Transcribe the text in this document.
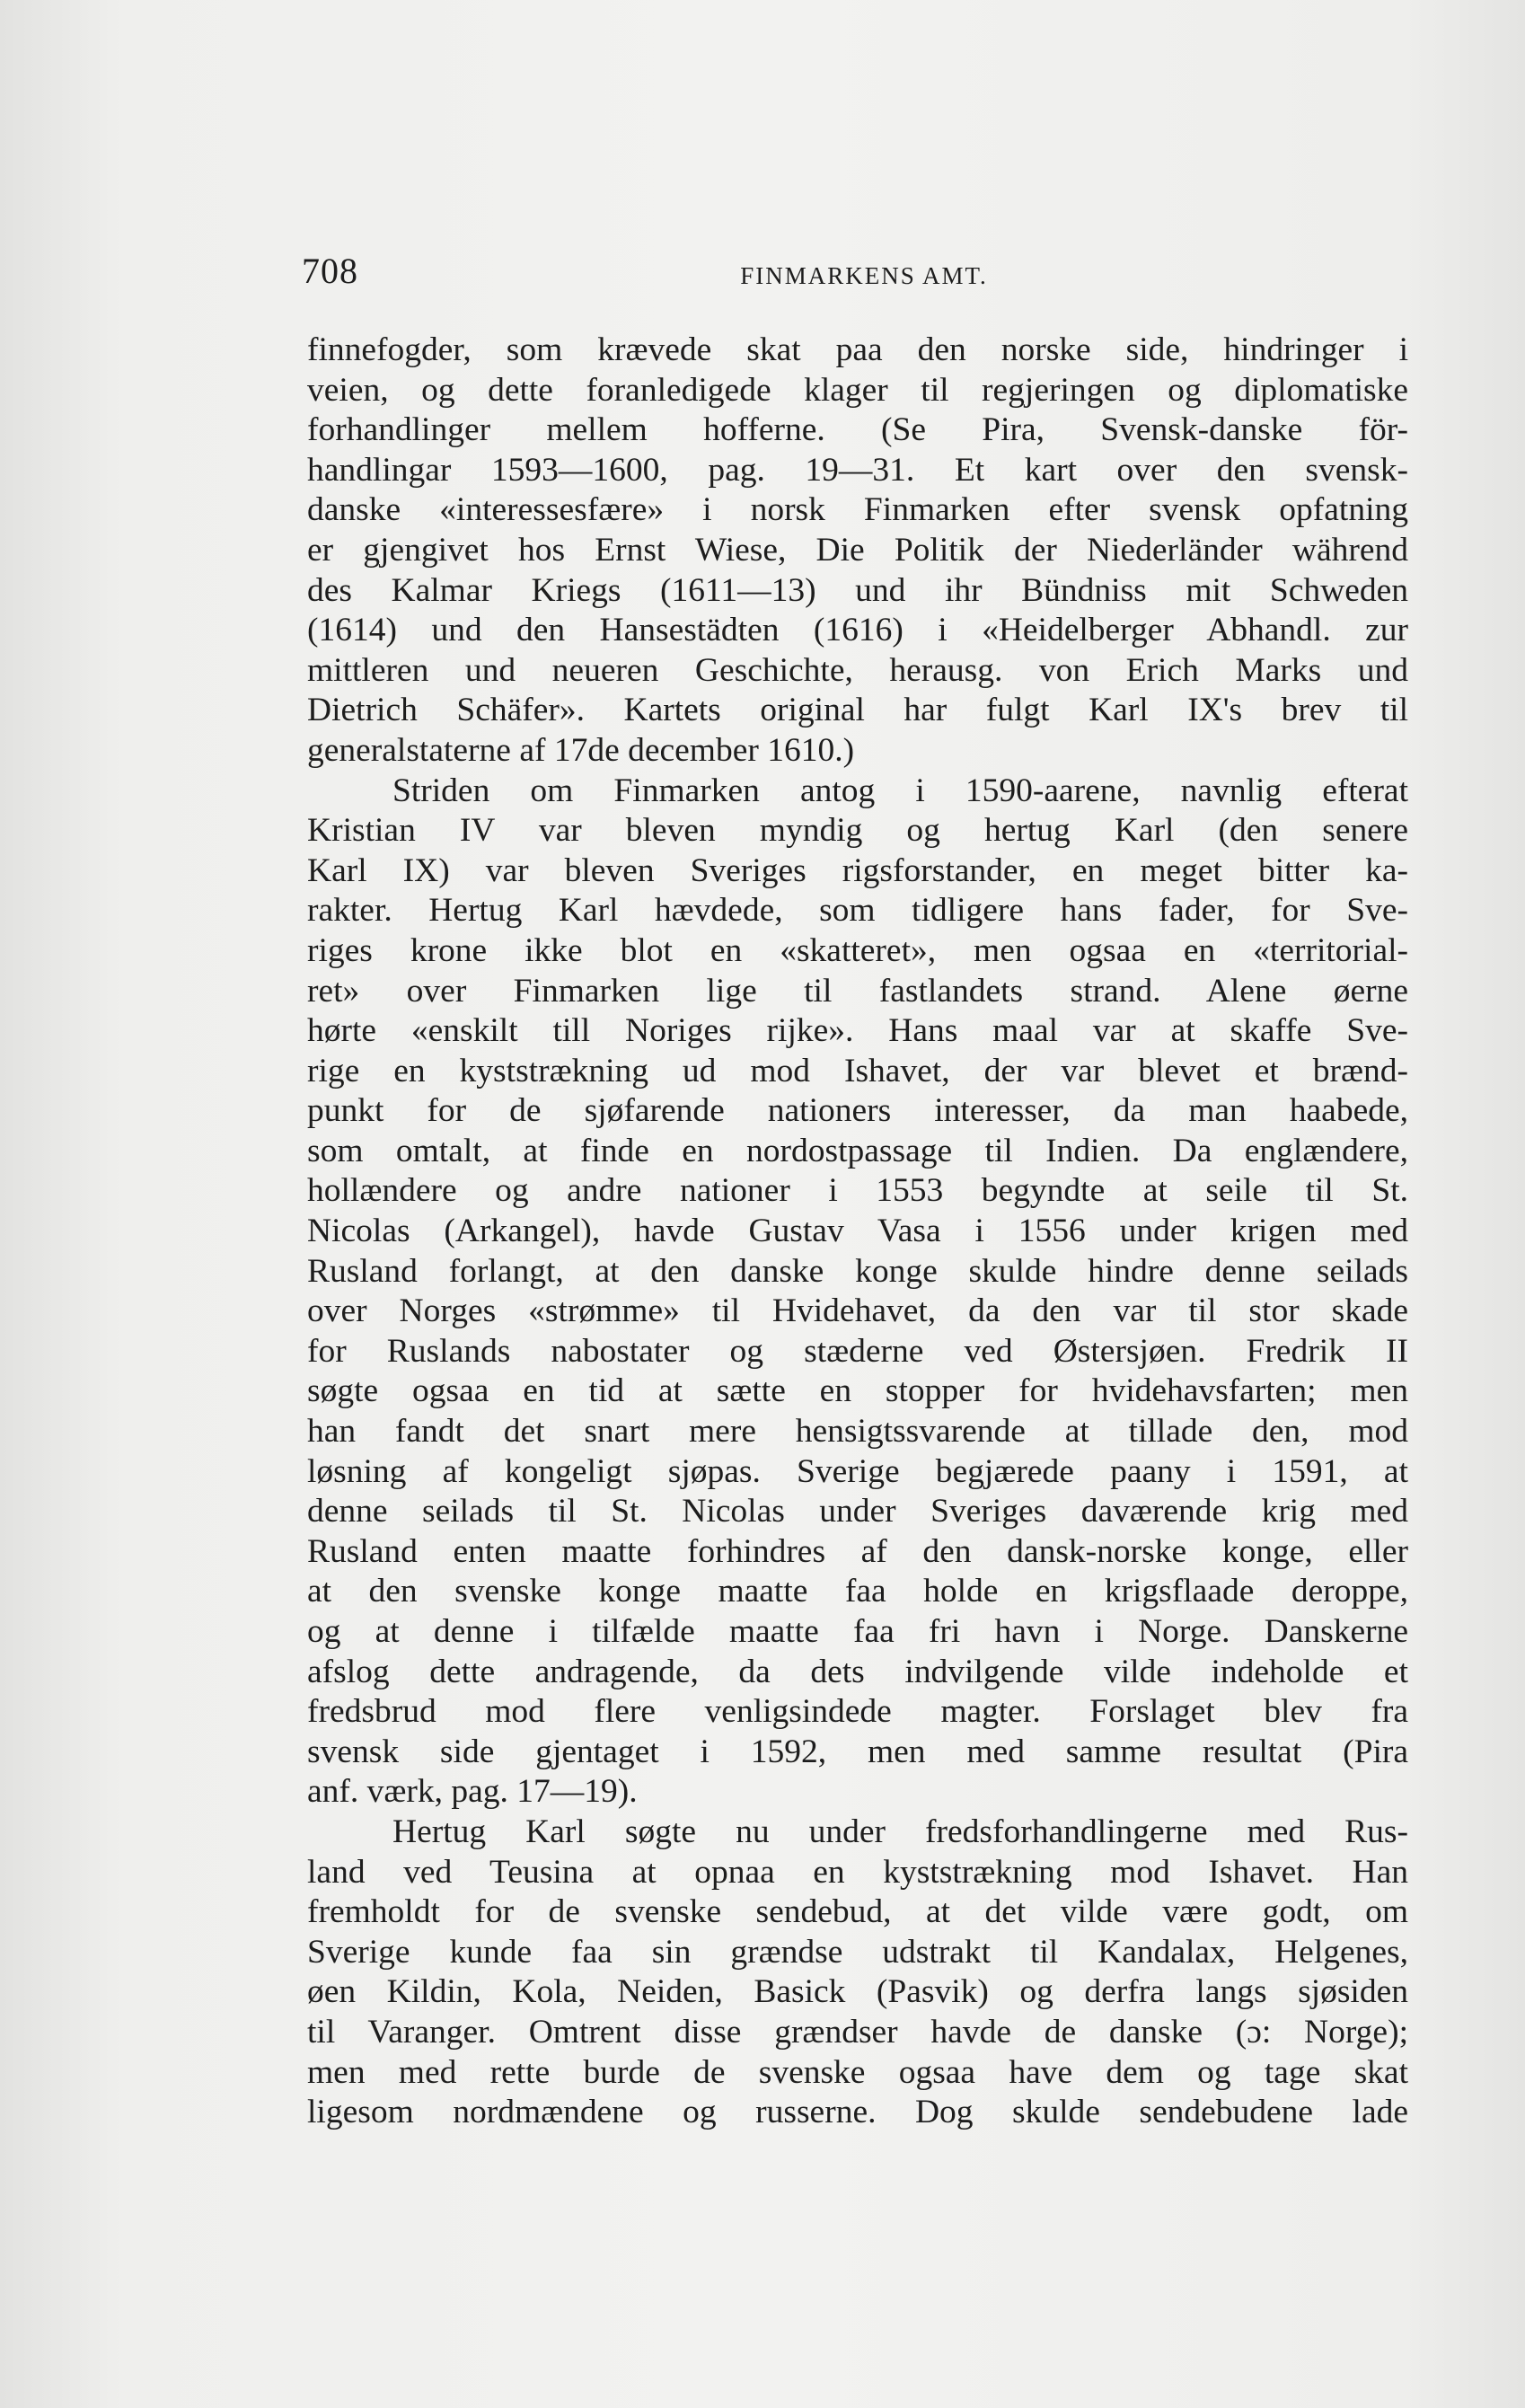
708	FINMARKENS AMT.
finnefogder, som krævede skat paa den norske side, hindringer i
veien, og dette foranledigede klager til regjeringen og diplomatiske
forhandlinger mellem hofferne. (Se Pira, Svensk-danske för-
handlingar 1593—1600, pag. 19—31. Et kart over den svensk-
danske «interessesfære» i norsk Finmarken efter svensk opfatning
er gjengivet hos Ernst Wiese, Die Politik der Niederländer während
des Kalmar Kriegs (1611—13) und ihr Bündniss mit Schweden
(1614) und den Hansestädten (1616) i «Heidelberger Abhandl. zur
mittleren und neueren Geschichte, herausg. von Erich Marks und
Dietrich Schäfer». Kartets original har fulgt Karl IX's brev til
generalstaterne af 17de december 1610.)
Striden om Finmarken antog i 1590-aarene, navnlig efterat
Kristian IV var bleven myndig og hertug Karl (den senere
Karl IX) var bleven Sveriges rigsforstander, en meget bitter ka-
rakter. Hertug Karl hævdede, som tidligere hans fader, for Sve-
riges krone ikke blot en «skatteret», men ogsaa en «territorial-
ret» over Finmarken lige til fastlandets strand. Alene øerne
hørte «enskilt till Noriges rijke». Hans maal var at skaffe Sve-
rige en kyststrækning ud mod Ishavet, der var blevet et brænd-
punkt for de sjøfarende nationers interesser, da man haabede,
som omtalt, at finde en nordostpassage til Indien. Da englændere,
hollændere og andre nationer i 1553 begyndte at seile til St.
Nicolas (Arkangel), havde Gustav Vasa i 1556 under krigen med
Rusland forlangt, at den danske konge skulde hindre denne seilads
over Norges «strømme» til Hvidehavet, da den var til stor skade
for Ruslands nabostater og stæderne ved Østersjøen. Fredrik II
søgte ogsaa en tid at sætte en stopper for hvidehavsfarten; men
han fandt det snart mere hensigtssvarende at tillade den, mod
løsning af kongeligt sjøpas. Sverige begjærede paany i 1591, at
denne seilads til St. Nicolas under Sveriges daværende krig med
Rusland enten maatte forhindres af den dansk-norske konge, eller
at den svenske konge maatte faa holde en krigsflaade deroppe,
og at denne i tilfælde maatte faa fri havn i Norge. Danskerne
afslog dette andragende, da dets indvilgende vilde indeholde et
fredsbrud mod flere venligsindede magter. Forslaget blev fra
svensk side gjentaget i 1592, men med samme resultat (Pira
anf. værk, pag. 17—19).
Hertug Karl søgte nu under fredsforhandlingerne med Rus-
land ved Teusina at opnaa en kyststrækning mod Ishavet. Han
fremholdt for de svenske sendebud, at det vilde være godt, om
Sverige kunde faa sin grændse udstrakt til Kandalax, Helgenes,
øen Kildin, Kola, Neiden, Basick (Pasvik) og derfra langs sjøsiden
til Varanger. Omtrent disse grændser havde de danske (ɔ: Norge);
men med rette burde de svenske ogsaa have dem og tage skat
ligesom nordmændene og russerne. Dog skulde sendebudene lade
